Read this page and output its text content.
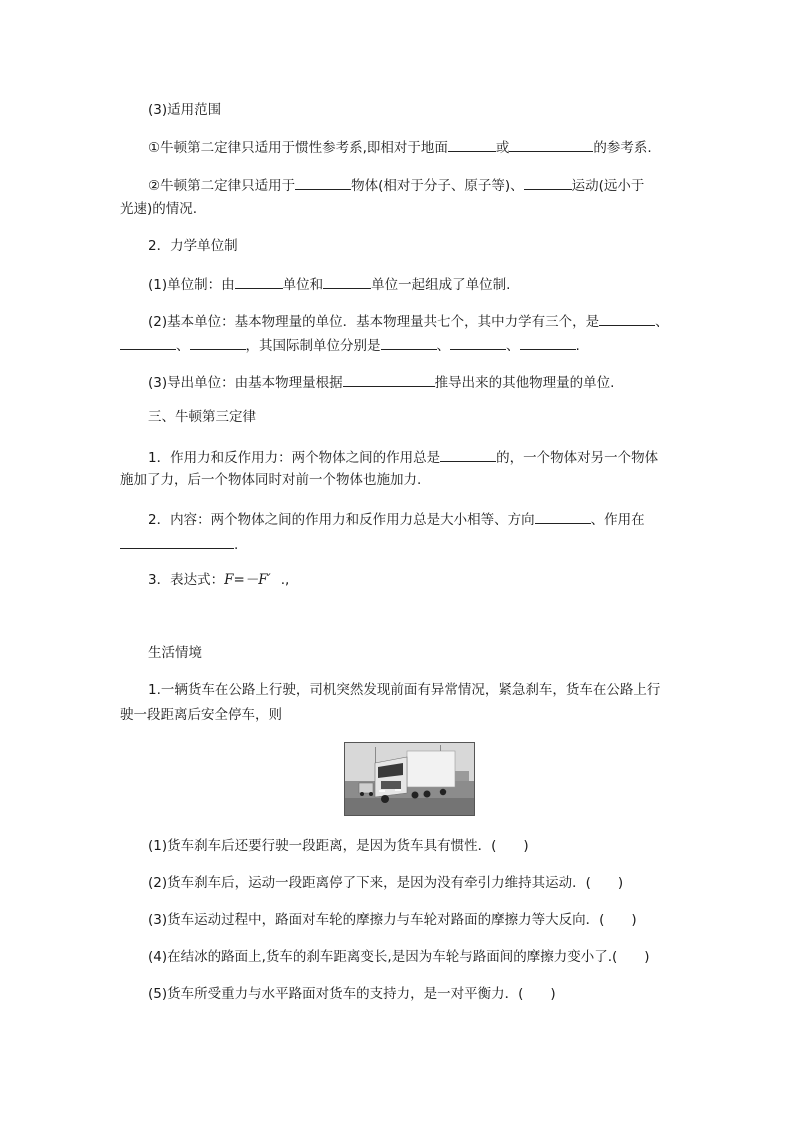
(3)适用范围
①牛顿第二定律只适用于惯性参考系,即相对于地面	或	的参考系.
②牛顿第二定律只适用于	物体(相对于分子、原子等)、	运动(远小于
光速)的情况.
2．力学单位制
(1)单位制：由	单位和	单位一起组成了单位制.
(2)基本单位：基本物理量的单位．基本物理量共七个，其中力学有三个，是	、
、	，其国际制单位分别是	、	、	.
(3)导出单位：由基本物理量根据	推导出来的其他物理量的单位.
三、牛顿第三定律
1．作用力和反作用力：两个物体之间的作用总是	的，一个物体对另一个物体
施加了力，后一个物体同时对前一个物体也施加力.
2．内容：两个物体之间的作用力和反作用力总是大小相等、方向	、作用在
.
3．表达式：F=－F′ .,
生活情境
1.一辆货车在公路上行驶，司机突然发现前面有异常情况，紧急刹车，货车在公路上行
驶一段距离后安全停车，则
(1)货车刹车后还要行驶一段距离，是因为货车具有惯性．(　　)
(2)货车刹车后，运动一段距离停了下来，是因为没有牵引力维持其运动．(　　)
(3)货车运动过程中，路面对车轮的摩擦力与车轮对路面的摩擦力等大反向．(　　)
(4)在结冰的路面上,货车的刹车距离变长,是因为车轮与路面间的摩擦力变小了.(　　)
(5)货车所受重力与水平路面对货车的支持力，是一对平衡力．(　　)
